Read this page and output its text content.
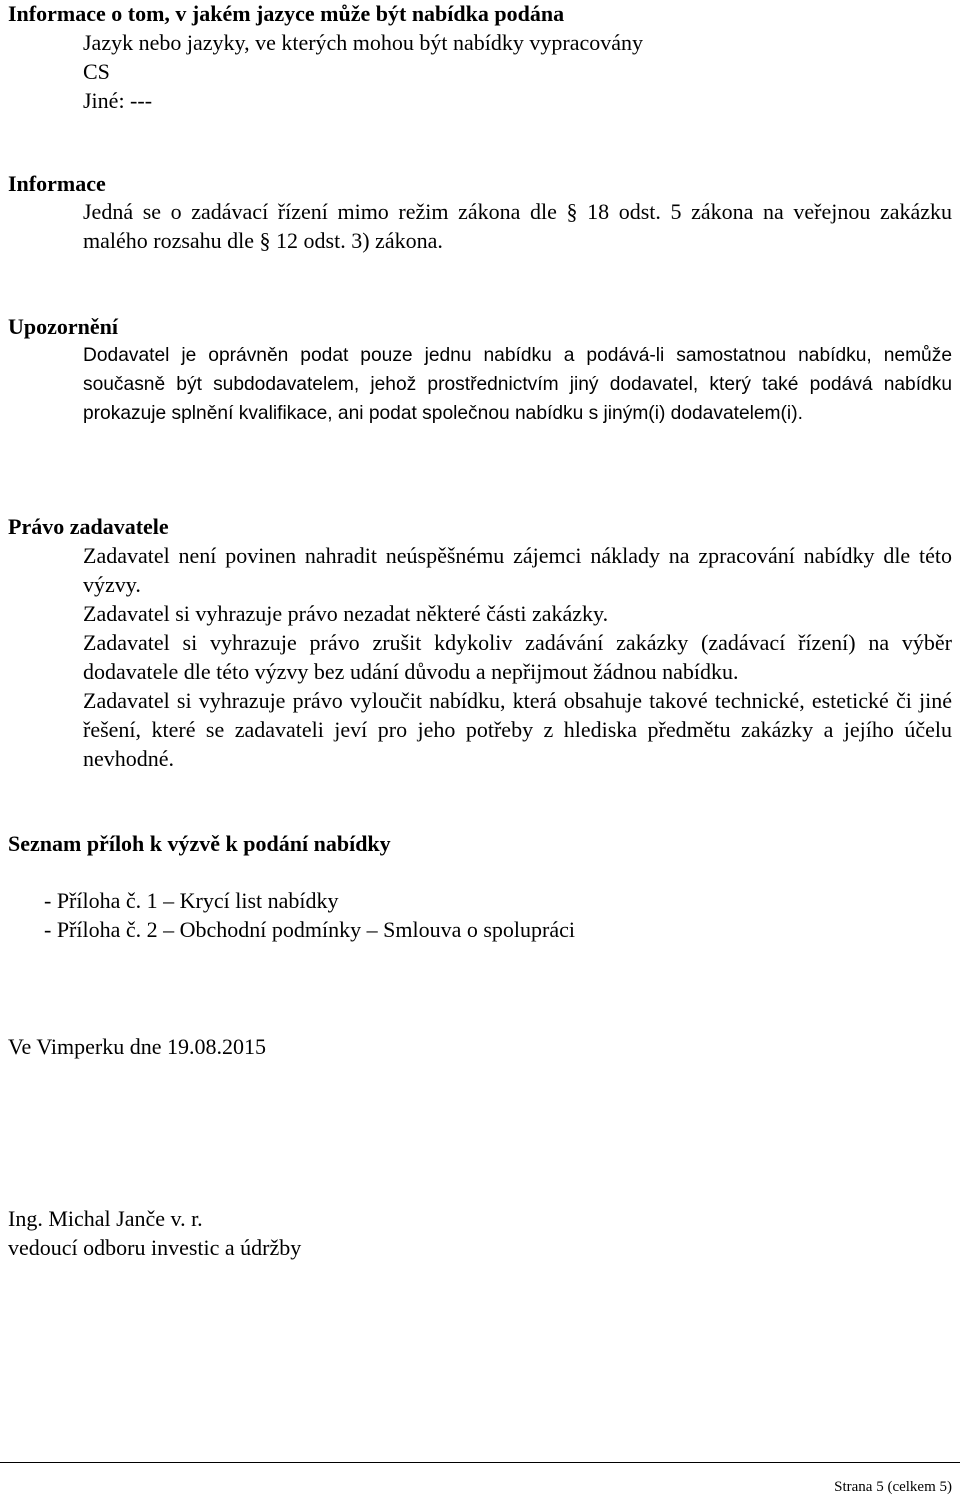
Informace o tom, v jakém jazyce může být nabídka podána
Jazyk nebo jazyky, ve kterých mohou být nabídky vypracovány
CS
Jiné: ---
Informace

Jedná se o zadávací řízení mimo režim zákona dle § 18 odst. 5 zákona na veřejnou zakázku malého rozsahu dle § 12 odst. 3) zákona.

Upozornění

Dodavatel je oprávněn podat pouze jednu nabídku a podává-li samostatnou nabídku, nemůže současně být subdodavatelem, jehož prostřednictvím jiný dodavatel, který také podává nabídku prokazuje splnění kvalifikace, ani podat společnou nabídku s jiným(i) dodavatelem(i).

Právo zadavatele
Zadavatel není povinen nahradit neúspěšnému zájemci náklady na zpracování nabídky dle této výzvy.
Zadavatel si vyhrazuje právo nezadat některé části zakázky.
Zadavatel si vyhrazuje právo zrušit kdykoliv zadávání zakázky (zadávací řízení) na výběr dodavatele dle této výzvy bez udání důvodu a nepřijmout žádnou nabídku.
Zadavatel si vyhrazuje právo vyloučit nabídku, která obsahuje takové technické, estetické či jiné řešení, které se zadavateli jeví pro jeho potřeby z hlediska předmětu zakázky a jejího účelu nevhodné.
Seznam příloh k výzvě k podání nabídky
- Příloha č. 1 – Krycí list nabídky
- Příloha č. 2 – Obchodní podmínky – Smlouva o spolupráci
Ve Vimperku dne 19.08.2015
Ing. Michal Janče v. r.
vedoucí odboru investic a údržby
Strana 5 (celkem 5)
